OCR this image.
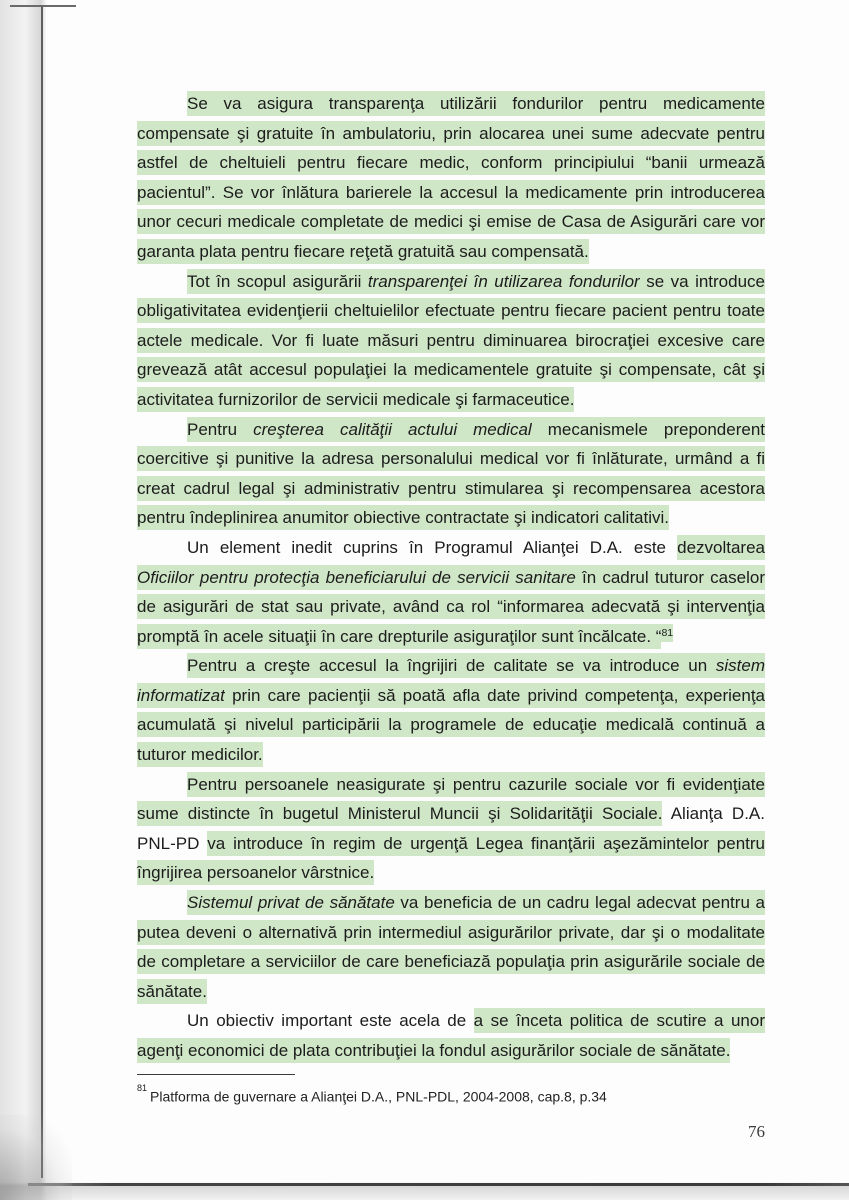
Se va asigura transparenţa utilizării fondurilor pentru medicamente
compensate şi gratuite în ambulatoriu, prin alocarea unei sume adecvate pentru
astfel de cheltuieli pentru fiecare medic, conform principiului “banii urmează
pacientul”. Se vor înlătura barierele la accesul la medicamente prin introducerea
unor cecuri medicale completate de medici şi emise de Casa de Asigurări care vor
garanta plata pentru fiecare reţetă gratuită sau compensată.
Tot în scopul asigurării transparenţei în utilizarea fondurilor se va introduce
obligativitatea evidenţierii cheltuielilor efectuate pentru fiecare pacient pentru toate
actele medicale. Vor fi luate măsuri pentru diminuarea birocraţiei excesive care
grevează atât accesul populaţiei la medicamentele gratuite şi compensate, cât şi
activitatea furnizorilor de servicii medicale şi farmaceutice.
Pentru creşterea calităţii actului medical mecanismele preponderent
coercitive şi punitive la adresa personalului medical vor fi înlăturate, urmând a fi
creat cadrul legal şi administrativ pentru stimularea şi recompensarea acestora
pentru îndeplinirea anumitor obiective contractate şi indicatori calitativi.
Un element inedit cuprins în Programul Alianţei D.A. este dezvoltarea
Oficiilor pentru protecţia beneficiarului de servicii sanitare în cadrul tuturor caselor
de asigurări de stat sau private, având ca rol “informarea adecvată şi intervenţia
promptă în acele situaţii în care drepturile asiguraţilor sunt încălcate. “$^{81}$
Pentru a creşte accesul la îngrijiri de calitate se va introduce un sistem
informatizat prin care pacienţii să poată afla date privind competenţa, experienţa
acumulată şi nivelul participării la programele de educaţie medicală continuă a
tuturor medicilor.
Pentru persoanele neasigurate şi pentru cazurile sociale vor fi evidenţiate
sume distincte în bugetul Ministerul Muncii şi Solidarităţii Sociale. Alianţa D.A.
PNL-PD va introduce în regim de urgenţă Legea finanţării aşezămintelor pentru
îngrijirea persoanelor vârstnice.
Sistemul privat de sănătate va beneficia de un cadru legal adecvat pentru a
putea deveni o alternativă prin intermediul asigurărilor private, dar şi o modalitate
de completare a serviciilor de care beneficiază populaţia prin asigurările sociale de
sănătate.
Un obiectiv important este acela de a se înceta politica de scutire a unor
agenţi economici de plata contribuţiei la fondul asigurărilor sociale de sănătate.
$^{81}$Platforma de guvernare a Alianţei D.A., PNL-PDL, 2004-2008, cap.8, p.34
76
